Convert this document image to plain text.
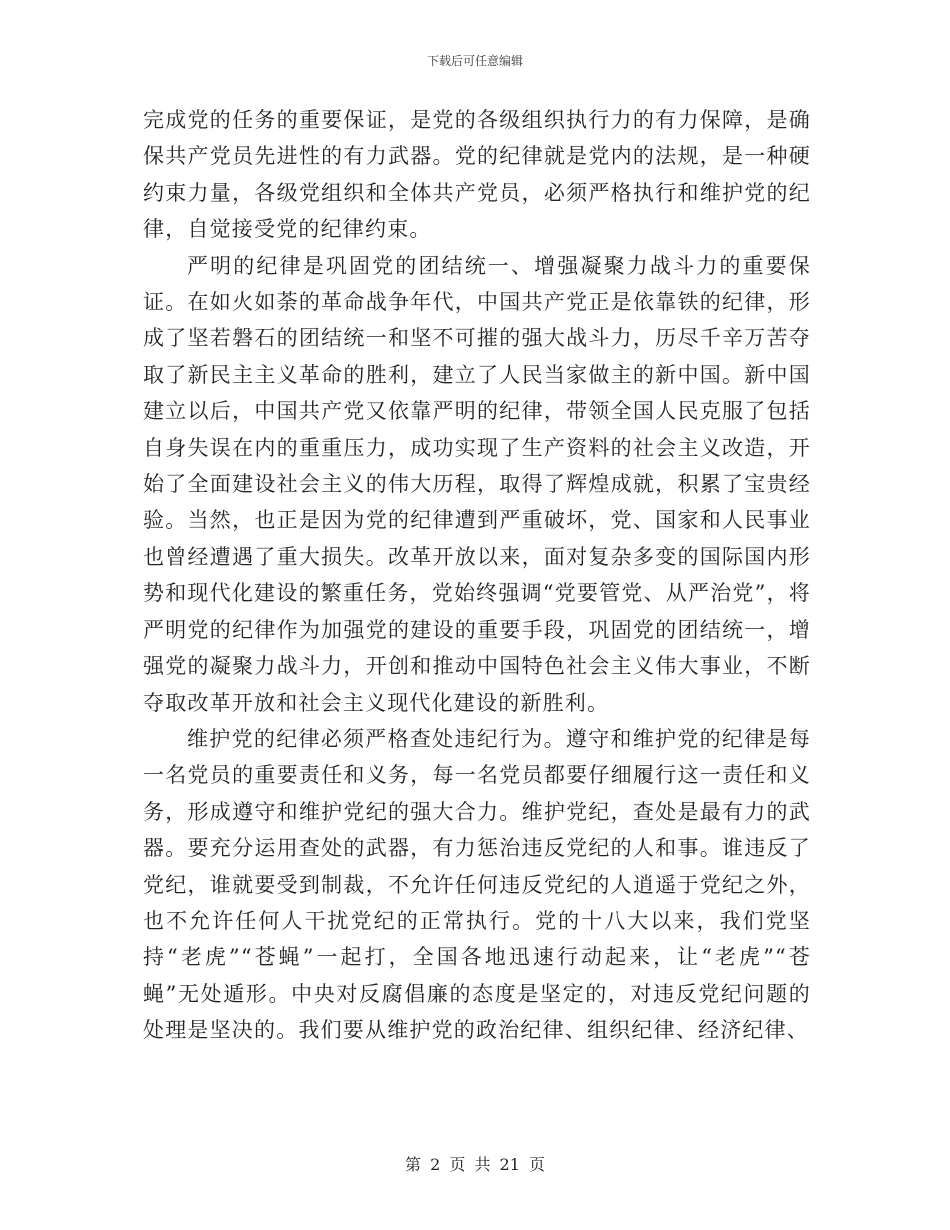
下载后可任意编辑

完成党的任务的重要保证，是党的各级组织执行力的有力保障，是确保共产党员先进性的有力武器。党的纪律就是党内的法规，是一种硬约束力量，各级党组织和全体共产党员，必须严格执行和维护党的纪律，自觉接受党的纪律约束。

严明的纪律是巩固党的团结统一、增强凝聚力战斗力的重要保证。在如火如荼的革命战争年代，中国共产党正是依靠铁的纪律，形成了坚若磐石的团结统一和坚不可摧的强大战斗力，历尽千辛万苦夺取了新民主主义革命的胜利，建立了人民当家做主的新中国。新中国建立以后，中国共产党又依靠严明的纪律，带领全国人民克服了包括自身失误在内的重重压力，成功实现了生产资料的社会主义改造，开始了全面建设社会主义的伟大历程，取得了辉煌成就，积累了宝贵经验。当然，也正是因为党的纪律遭到严重破坏，党、国家和人民事业也曾经遭遇了重大损失。改革开放以来，面对复杂多变的国际国内形势和现代化建设的繁重任务，党始终强调“党要管党、从严治党”，将严明党的纪律作为加强党的建设的重要手段，巩固党的团结统一，增强党的凝聚力战斗力，开创和推动中国特色社会主义伟大事业，不断夺取改革开放和社会主义现代化建设的新胜利。

维护党的纪律必须严格查处违纪行为。遵守和维护党的纪律是每一名党员的重要责任和义务，每一名党员都要仔细履行这一责任和义务，形成遵守和维护党纪的强大合力。维护党纪，查处是最有力的武器。要充分运用查处的武器，有力惩治违反党纪的人和事。谁违反了党纪，谁就要受到制裁，不允许任何违反党纪的人逍遥于党纪之外，也不允许任何人干扰党纪的正常执行。党的十八大以来，我们党坚持“老虎”“苍蝇”一起打，全国各地迅速行动起来，让“老虎”“苍蝇”无处遁形。中央对反腐倡廉的态度是坚定的，对违反党纪问题的处理是坚决的。我们要从维护党的政治纪律、组织纪律、经济纪律、

第 2 页 共 21 页
